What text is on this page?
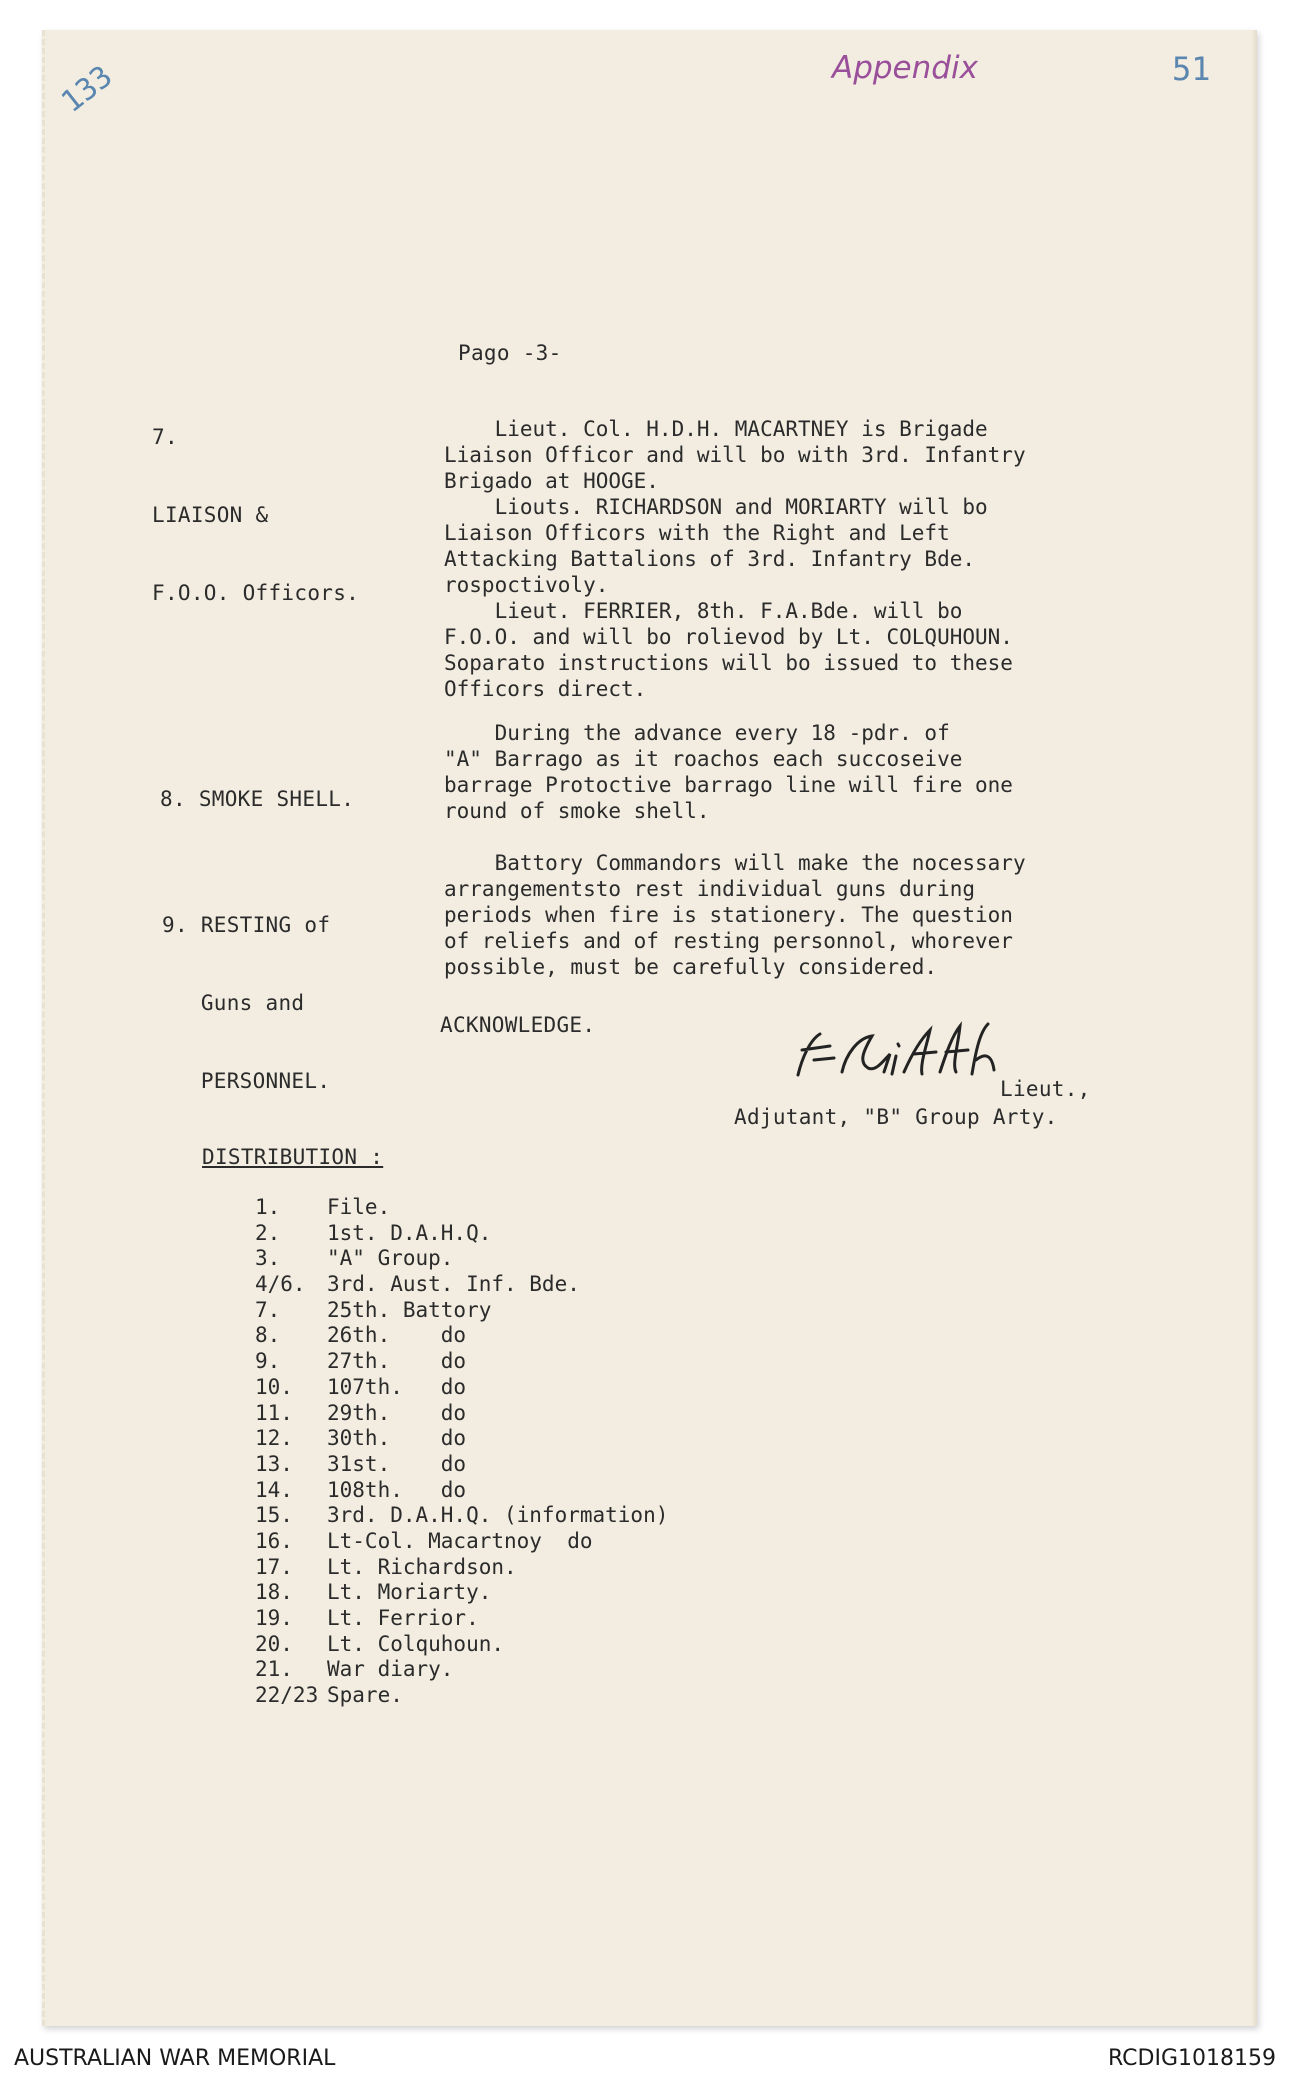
133	Appendix	51
Pago -3-

7.

LIAISON &

F.O.O. Officors.

Lieut. Col. H.D.H. MACARTNEY is Brigade
Liaison Officor and will bo with 3rd. Infantry
Brigado at HOOGE.
Liouts. RICHARDSON and MORIARTY will bo
Liaison Officors with the Right and Left
Attacking Battalions of 3rd. Infantry Bde.
rospoctivoly.
Lieut. FERRIER, 8th. F.A.Bde. will bo
F.O.O. and will bo rolievod by Lt. COLQUHOUN.
Soparato instructions will bo issued to these
Officors direct.

8. SMOKE SHELL.

During the advance every 18 -pdr. of
"A" Barrago as it roachos each succoseive
barrage Protoctive barrago line will fire one
round of smoke shell.

9. RESTING of

Guns and

PERSONNEL.

Battory Commandors will make the nocessary
arrangementsto rest individual guns during
periods when fire is stationery. The question
of reliefs and of resting personnol, whorever
possible, must be carefully considered.
ACKNOWLEDGE.
Lieut.,
Adjutant, "B" Group Arty.
DISTRIBUTION :
1. File.
2. 1st. D.A.H.Q.
3. "A" Group.
4/6. 3rd. Aust. Inf. Bde.
7. 25th. Battory
8. 26th.    do
9. 27th.    do
10. 107th.   do
11. 29th.    do
12. 30th.    do
13. 31st.    do
14. 108th.   do
15. 3rd. D.A.H.Q. (information)
16. Lt-Col. Macartnoy  do
17. Lt. Richardson.
18. Lt. Moriarty.
19. Lt. Ferrior.
20. Lt. Colquhoun.
21. War diary.
22/23 Spare.
AUSTRALIAN WAR MEMORIAL	RCDIG1018159
